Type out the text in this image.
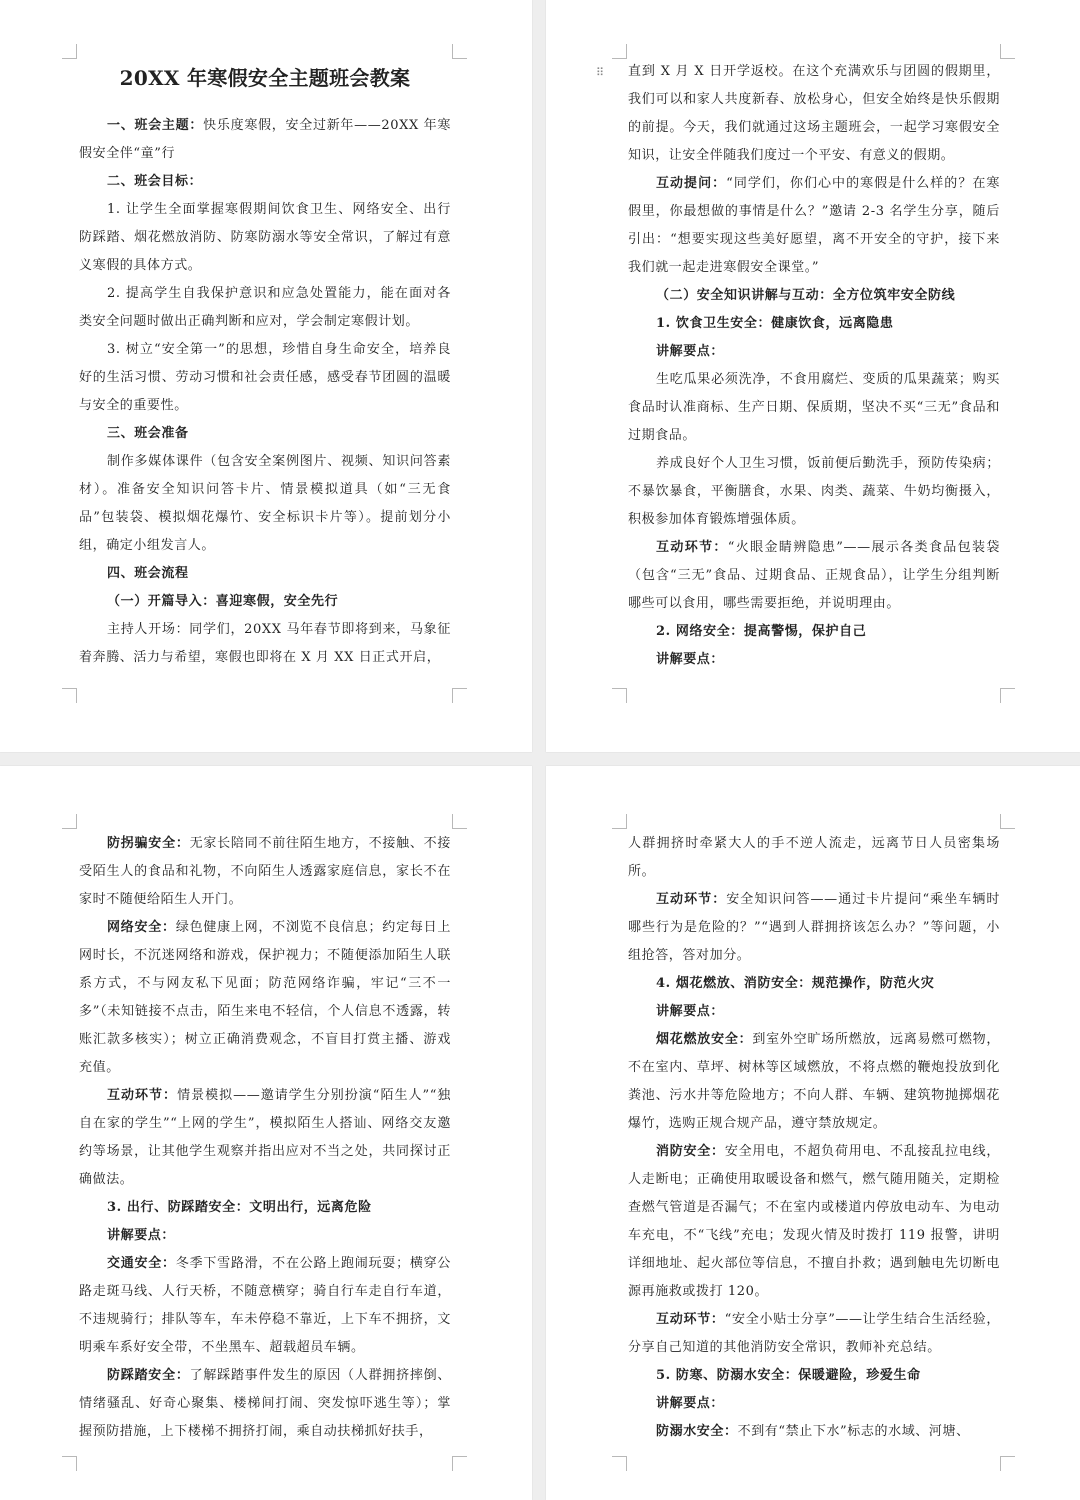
20XX 年寒假安全主题班会教案

一、班会主题：快乐度寒假，安全过新年——20XX 年寒假安全伴“童”行

二、班会目标：

1. 让学生全面掌握寒假期间饮食卫生、网络安全、出行防踩踏、烟花燃放消防、防寒防溺水等安全常识，了解过有意义寒假的具体方式。

2. 提高学生自我保护意识和应急处置能力，能在面对各类安全问题时做出正确判断和应对，学会制定寒假计划。

3. 树立“安全第一”的思想，珍惜自身生命安全，培养良好的生活习惯、劳动习惯和社会责任感，感受春节团圆的温暖与安全的重要性。

三、班会准备

制作多媒体课件（包含安全案例图片、视频、知识问答素材）。准备安全知识问答卡片、情景模拟道具（如“三无食品”包装袋、模拟烟花爆竹、安全标识卡片等）。提前划分小组，确定小组发言人。

四、班会流程

（一）开篇导入：喜迎寒假，安全先行

主持人开场：同学们，20XX 马年春节即将到来，马象征着奔腾、活力与希望，寒假也即将在 X 月 XX 日正式开启，

⠿ 直到 X 月 X 日开学返校。在这个充满欢乐与团圆的假期里，我们可以和家人共度新春、放松身心，但安全始终是快乐假期的前提。今天，我们就通过这场主题班会，一起学习寒假安全知识，让安全伴随我们度过一个平安、有意义的假期。

互动提问：“同学们，你们心中的寒假是什么样的？在寒假里，你最想做的事情是什么？”邀请 2-3 名学生分享，随后引出：“想要实现这些美好愿望，离不开安全的守护，接下来我们就一起走进寒假安全课堂。”

（二）安全知识讲解与互动：全方位筑牢安全防线

1. 饮食卫生安全：健康饮食，远离隐患

讲解要点：

生吃瓜果必须洗净，不食用腐烂、变质的瓜果蔬菜；购买食品时认准商标、生产日期、保质期，坚决不买“三无”食品和过期食品。

养成良好个人卫生习惯，饭前便后勤洗手，预防传染病；不暴饮暴食，平衡膳食，水果、肉类、蔬菜、牛奶均衡摄入，积极参加体育锻炼增强体质。

互动环节：“火眼金睛辨隐患”——展示各类食品包装袋（包含“三无”食品、过期食品、正规食品），让学生分组判断哪些可以食用，哪些需要拒绝，并说明理由。

2. 网络安全：提高警惕，保护自己

讲解要点：

防拐骗安全：无家长陪同不前往陌生地方，不接触、不接受陌生人的食品和礼物，不向陌生人透露家庭信息，家长不在家时不随便给陌生人开门。

网络安全：绿色健康上网，不浏览不良信息；约定每日上网时长，不沉迷网络和游戏，保护视力；不随便添加陌生人联系方式，不与网友私下见面；防范网络诈骗，牢记“三不一多”（未知链接不点击，陌生来电不轻信，个人信息不透露，转账汇款多核实）；树立正确消费观念，不盲目打赏主播、游戏充值。

互动环节：情景模拟——邀请学生分别扮演“陌生人”“独自在家的学生”“上网的学生”，模拟陌生人搭讪、网络交友邀约等场景，让其他学生观察并指出应对不当之处，共同探讨正确做法。

3. 出行、防踩踏安全：文明出行，远离危险

讲解要点：

交通安全：冬季下雪路滑，不在公路上跑闹玩耍；横穿公路走斑马线、人行天桥，不随意横穿；骑自行车走自行车道，不违规骑行；排队等车，车未停稳不靠近，上下车不拥挤，文明乘车系好安全带，不坐黑车、超载超员车辆。

防踩踏安全：了解踩踏事件发生的原因（人群拥挤摔倒、情绪骚乱、好奇心聚集、楼梯间打闹、突发惊吓逃生等）；掌握预防措施，上下楼梯不拥挤打闹，乘自动扶梯抓好扶手，

人群拥挤时牵紧大人的手不逆人流走，远离节日人员密集场所。

互动环节：安全知识问答——通过卡片提问“乘坐车辆时哪些行为是危险的？”“遇到人群拥挤该怎么办？”等问题，小组抢答，答对加分。

4. 烟花燃放、消防安全：规范操作，防范火灾

讲解要点：

烟花燃放安全：到室外空旷场所燃放，远离易燃可燃物，不在室内、草坪、树林等区域燃放，不将点燃的鞭炮投放到化粪池、污水井等危险地方；不向人群、车辆、建筑物抛掷烟花爆竹，选购正规合规产品，遵守禁放规定。

消防安全：安全用电，不超负荷用电、不乱接乱拉电线，人走断电；正确使用取暖设备和燃气，燃气随用随关，定期检查燃气管道是否漏气；不在室内或楼道内停放电动车、为电动车充电，不“飞线”充电；发现火情及时拨打 119 报警，讲明详细地址、起火部位等信息，不擅自扑救；遇到触电先切断电源再施救或拨打 120。

互动环节：“安全小贴士分享”——让学生结合生活经验，分享自己知道的其他消防安全常识，教师补充总结。

5. 防寒、防溺水安全：保暖避险，珍爱生命

讲解要点：

防溺水安全：不到有“禁止下水”标志的水域、河塘、
